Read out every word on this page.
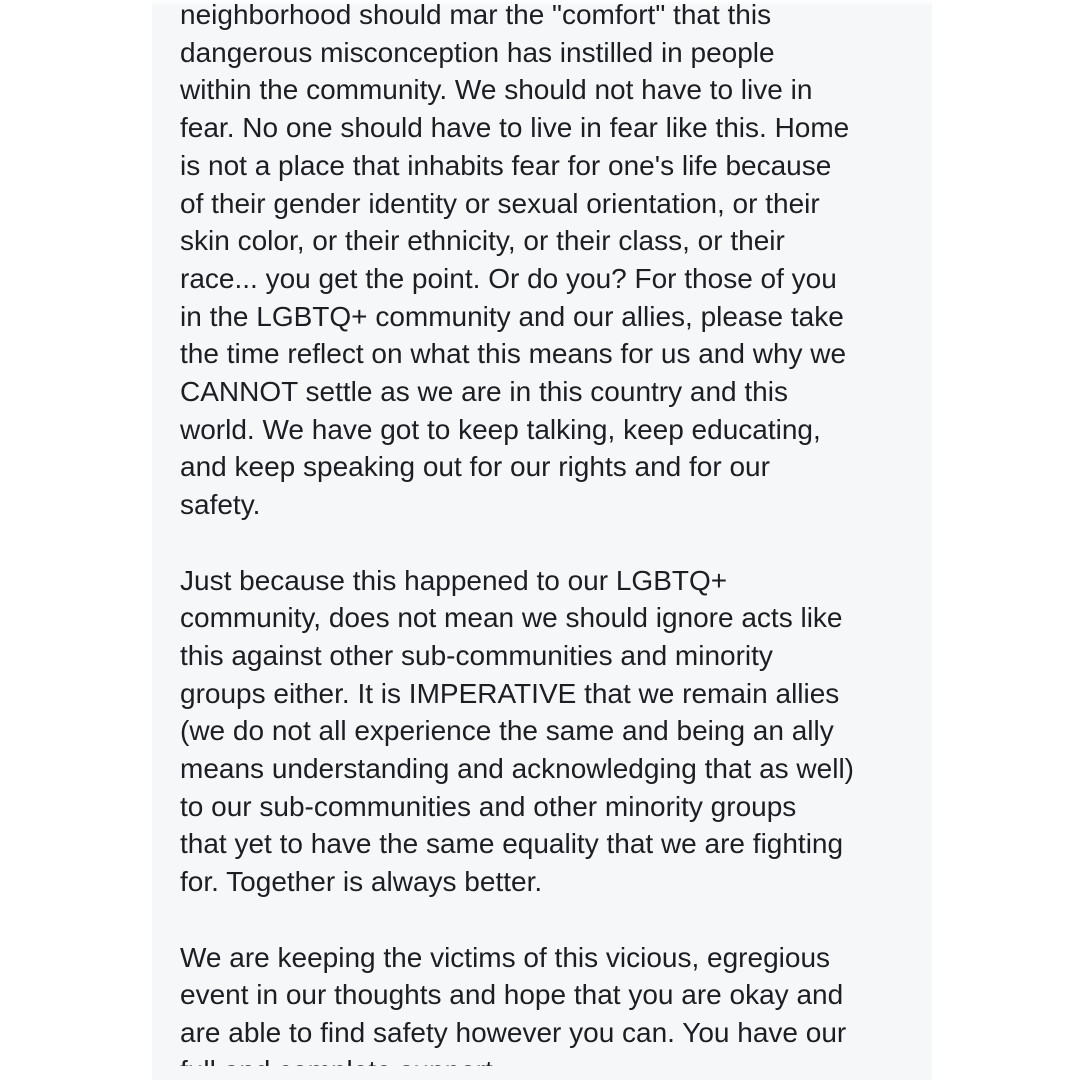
neighborhood should mar the "comfort" that this

dangerous misconception has instilled in people

within the community. We should not have to live in

fear. No one should have to live in fear like this. Home

is not a place that inhabits fear for one's life because

of their gender identity or sexual orientation, or their

skin color, or their ethnicity, or their class, or their

race... you get the point. Or do you? For those of you

in the LGBTQ+ community and our allies, please take

the time reflect on what this means for us and why we

CANNOT settle as we are in this country and this

world. We have got to keep talking, keep educating,

and keep speaking out for our rights and for our

safety.

Just because this happened to our LGBTQ+

community, does not mean we should ignore acts like

this against other sub-communities and minority

groups either. It is IMPERATIVE that we remain allies

(we do not all experience the same and being an ally

means understanding and acknowledging that as well)

to our sub-communities and other minority groups

that yet to have the same equality that we are fighting

for. Together is always better.

We are keeping the victims of this vicious, egregious

event in our thoughts and hope that you are okay and

are able to find safety however you can. You have our
